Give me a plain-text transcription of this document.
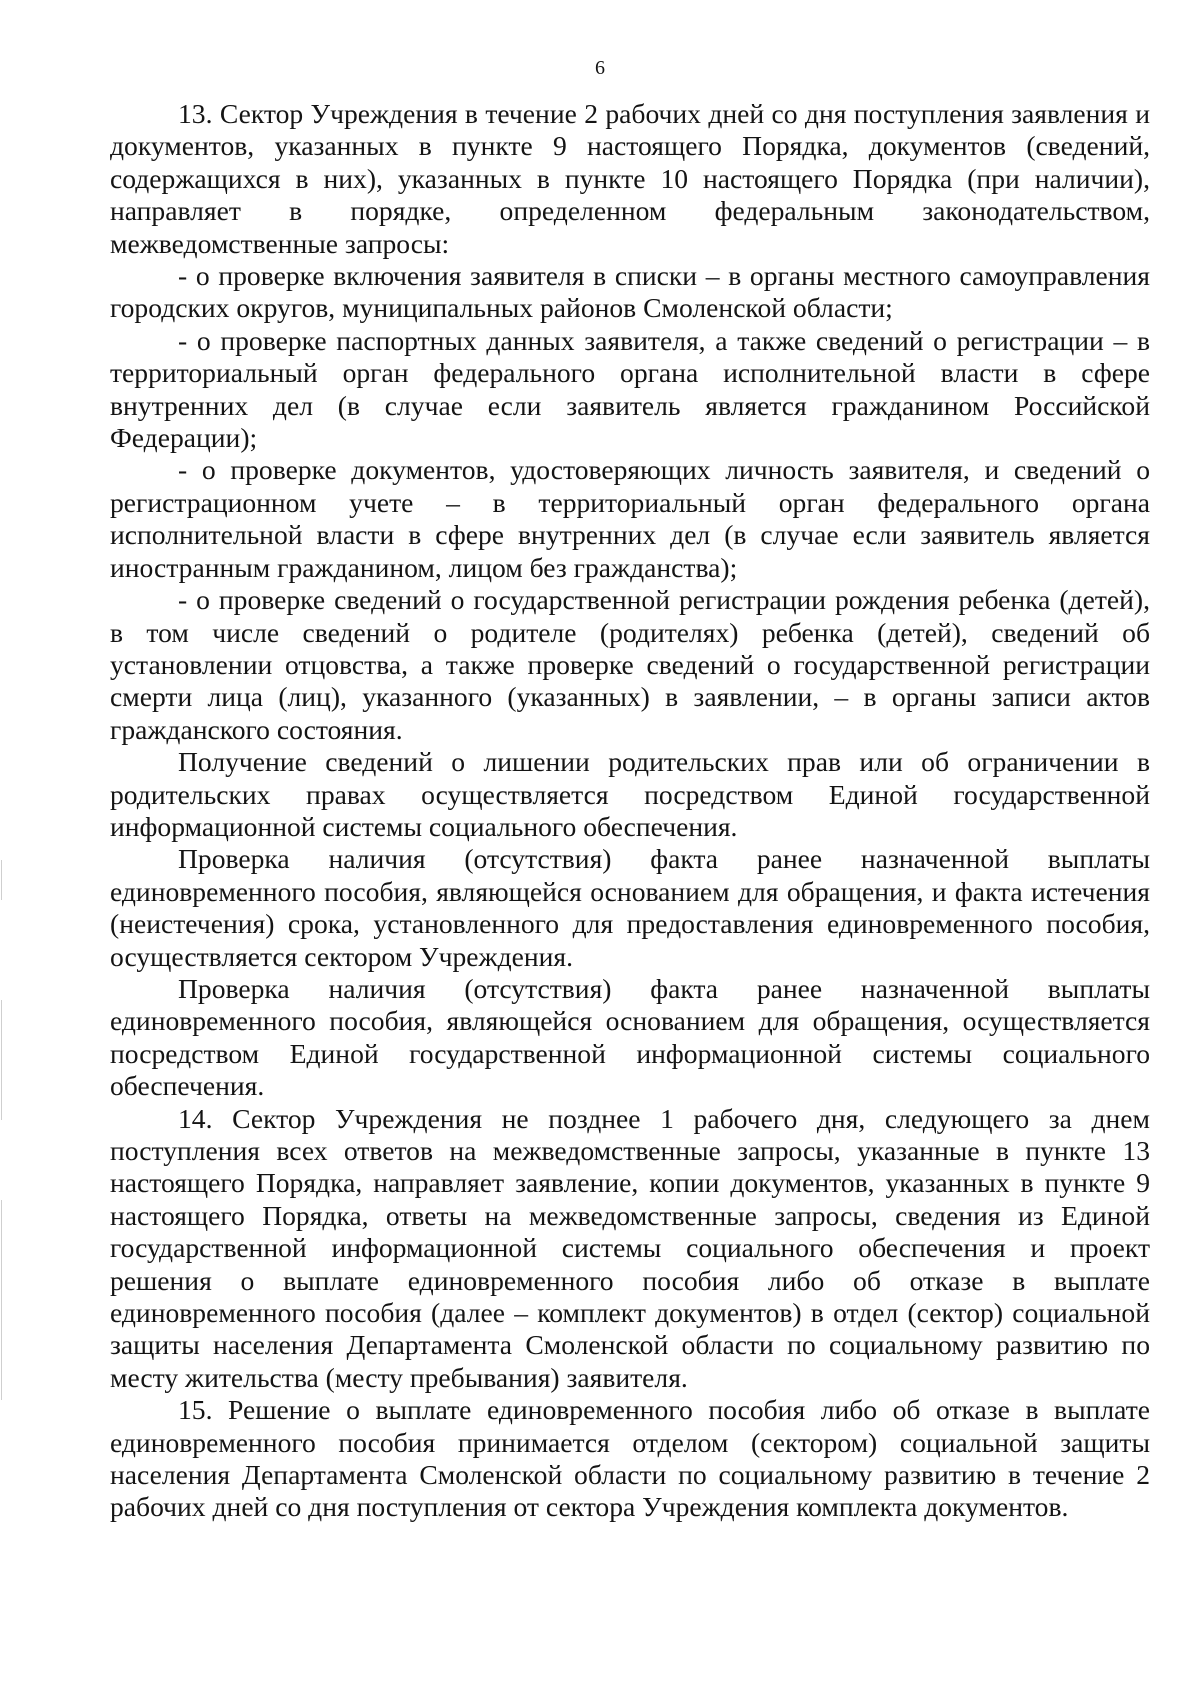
6

13. Сектор Учреждения в течение 2 рабочих дней со дня поступления заявления и документов, указанных в пункте 9 настоящего Порядка, документов (сведений, содержащихся в них), указанных в пункте 10 настоящего Порядка (при наличии), направляет в порядке, определенном федеральным законодательством, межведомственные запросы:

- о проверке включения заявителя в списки – в органы местного самоуправления городских округов, муниципальных районов Смоленской области;

- о проверке паспортных данных заявителя, а также сведений о регистрации – в территориальный орган федерального органа исполнительной власти в сфере внутренних дел (в случае если заявитель является гражданином Российской Федерации);

- о проверке документов, удостоверяющих личность заявителя, и сведений о регистрационном учете – в территориальный орган федерального органа исполнительной власти в сфере внутренних дел (в случае если заявитель является иностранным гражданином, лицом без гражданства);

- о проверке сведений о государственной регистрации рождения ребенка (детей), в том числе сведений о родителе (родителях) ребенка (детей), сведений об установлении отцовства, а также проверке сведений о государственной регистрации смерти лица (лиц), указанного (указанных) в заявлении, – в органы записи актов гражданского состояния.

Получение сведений о лишении родительских прав или об ограничении в родительских правах осуществляется посредством Единой государственной информационной системы социального обеспечения.

Проверка наличия (отсутствия) факта ранее назначенной выплаты единовременного пособия, являющейся основанием для обращения, и факта истечения (неистечения) срока, установленного для предоставления единовременного пособия, осуществляется сектором Учреждения.

Проверка наличия (отсутствия) факта ранее назначенной выплаты единовременного пособия, являющейся основанием для обращения, осуществляется посредством Единой государственной информационной системы социального обеспечения.

14. Сектор Учреждения не позднее 1 рабочего дня, следующего за днем поступления всех ответов на межведомственные запросы, указанные в пункте 13 настоящего Порядка, направляет заявление, копии документов, указанных в пункте 9 настоящего Порядка, ответы на межведомственные запросы, сведения из Единой государственной информационной системы социального обеспечения и проект решения о выплате единовременного пособия либо об отказе в выплате единовременного пособия (далее – комплект документов) в отдел (сектор) социальной защиты населения Департамента Смоленской области по социальному развитию по месту жительства (месту пребывания) заявителя.

15. Решение о выплате единовременного пособия либо об отказе в выплате единовременного пособия принимается отделом (сектором) социальной защиты населения Департамента Смоленской области по социальному развитию в течение 2 рабочих дней со дня поступления от сектора Учреждения комплекта документов.
